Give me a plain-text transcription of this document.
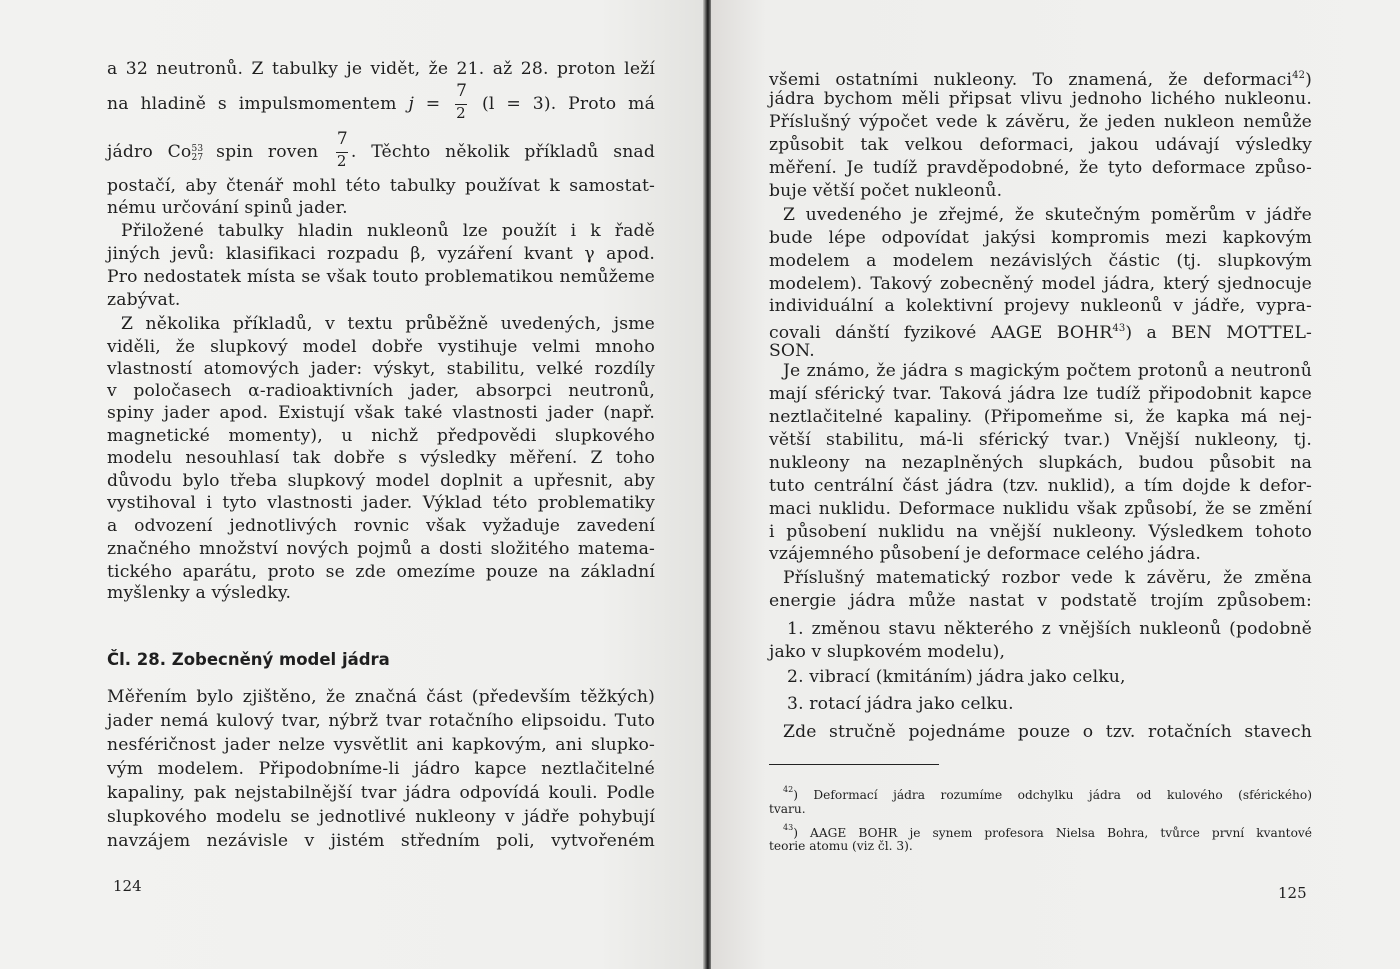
a 32 neutronů. Z tabulky je vidět, že 21. až 28. proton leží
na hladině s impulsmomentem $j = \frac{7}{2} (l = 3)$. Proto má
jádro Co 53
27
spin roven $\frac{7}{2}$ . Těchto několik příkladů snad
postačí, aby čtenář mohl této tabulky používat k samostat-
nému určování spinů jader.
Přiložené tabulky hladin nukleonů lze použít i k řadě
jiných jevů: klasifikaci rozpadu β, vyzáření kvant γ apod.
Pro nedostatek místa se však touto problematikou nemůžeme
zabývat.
Z několika příkladů, v textu průběžně uvedených, jsme
viděli, že slupkový model dobře vystihuje velmi mnoho
vlastností atomových jader: výskyt, stabilitu, velké rozdíly
v poločasech α-radioaktivních jader, absorpci neutronů,
spiny jader apod. Existují však také vlastnosti jader (např.
magnetické momenty), u nichž předpovědi slupkového
modelu nesouhlasí tak dobře s výsledky měření. Z toho
důvodu bylo třeba slupkový model doplnit a upřesnit, aby
vystihoval i tyto vlastnosti jader. Výklad této problematiky
a odvození jednotlivých rovnic však vyžaduje zavedení
značného množství nových pojmů a dosti složitého matema-
tického aparátu, proto se zde omezíme pouze na základní
myšlenky a výsledky.
Čl. 28. Zobecněný model jádra
Měřením bylo zjištěno, že značná část (především těžkých)
jader nemá kulový tvar, nýbrž tvar rotačního elipsoidu. Tuto
nesféričnost jader nelze vysvětlit ani kapkovým, ani slupko-
vým modelem. Připodobníme-li jádro kapce neztlačitelné
kapaliny, pak nejstabilnější tvar jádra odpovídá kouli. Podle
slupkového modelu se jednotlivé nukleony v jádře pohybují
navzájem nezávisle v jistém středním poli, vytvořeném
124
všemi ostatními nukleony. To znamená, že deformaci$^{42}$)
jádra bychom měli připsat vlivu jednoho lichého nukleonu.
Příslušný výpočet vede k závěru, že jeden nukleon nemůže
způsobit tak velkou deformaci, jakou udávají výsledky
měření. Je tudíž pravděpodobné, že tyto deformace způso-
buje větší počet nukleonů.
Z uvedeného je zřejmé, že skutečným poměrům v jádře
bude lépe odpovídat jakýsi kompromis mezi kapkovým
modelem a modelem nezávislých částic (tj. slupkovým
modelem). Takový zobecněný model jádra, který sjednocuje
individuální a kolektivní projevy nukleonů v jádře, vypra-
covali dánští fyzikové AAGE BOHR$^{43}$) a BEN MOTTEL-
SON.
Je známo, že jádra s magickým počtem protonů a neutronů
mají sférický tvar. Taková jádra lze tudíž připodobnit kapce
neztlačitelné kapaliny. (Připomeňme si, že kapka má nej-
větší stabilitu, má-li sférický tvar.) Vnější nukleony, tj.
nukleony na nezaplněných slupkách, budou působit na
tuto centrální část jádra (tzv. nuklid), a tím dojde k defor-
maci nuklidu. Deformace nuklidu však způsobí, že se změní
i působení nuklidu na vnější nukleony. Výsledkem tohoto
vzájemného působení je deformace celého jádra.
Příslušný matematický rozbor vede k závěru, že změna
energie jádra může nastat v podstatě trojím způsobem:
1. změnou stavu některého z vnějších nukleonů (podobně
jako v slupkovém modelu),
2. vibrací (kmitáním) jádra jako celku,
3. rotací jádra jako celku.
Zde stručně pojednáme pouze o tzv. rotačních stavech
$^{42}$) Deformací jádra rozumíme odchylku jádra od kulového (sférického)
tvaru.
$^{43}$) AAGE BOHR je synem profesora Nielsa Bohra, tvůrce první kvantové
teorie atomu (viz čl. 3).
125
